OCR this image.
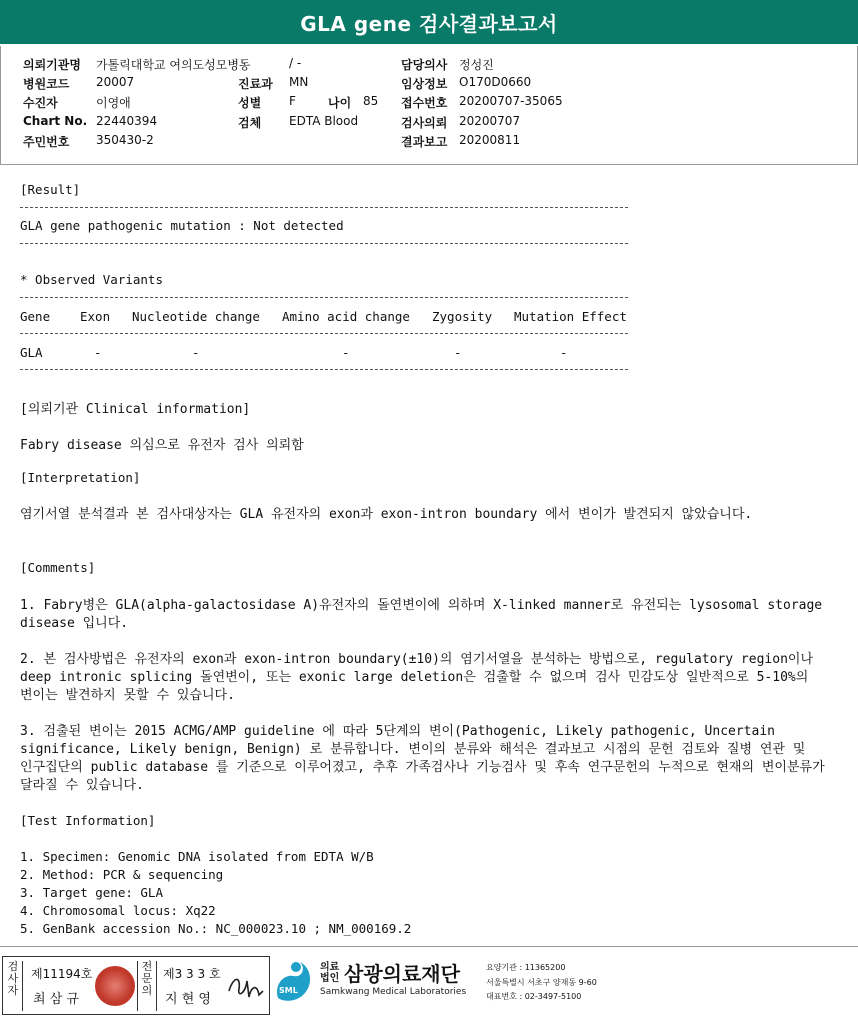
GLA gene 검사결과보고서
의뢰기관명 가톨릭대학교 여의도성모병동	/ -	담당의사 정성진
병원코드 20007	진료과 MN	임상정보 O170D0660
수진자	이영애	성별 F	나이 85 접수번호 20200707-35065
Chart No. 22440394	검체 EDTA Blood	검사의뢰 20200707
주민번호 350430-2	결과보고 20200811
[Result]
GLA gene pathogenic mutation : Not detected
* Observed Variants
Gene Exon Nucleotide change Amino acid change Zygosity Mutation Effect
GLA	-	-	-	-	-
[의뢰기관 Clinical information]
Fabry disease 의심으로 유전자 검사 의뢰함
[Interpretation]
염기서열 분석결과 본 검사대상자는 GLA 유전자의 exon과 exon-intron boundary 에서 변이가 발견되지 않았습니다.
[Comments]
1. Fabry병은 GLA(alpha-galactosidase A)유전자의 돌연변이에 의하며 X-linked manner로 유전되는 lysosomal storage disease 입니다.
2. 본 검사방법은 유전자의 exon과 exon-intron boundary(±10)의 염기서열을 분석하는 방법으로, regulatory region이나 deep intronic splicing 돌연변이, 또는 exonic large deletion은 검출할 수 없으며 검사 민감도상 일반적으로 5-10%의 변이는 발견하지 못할 수 있습니다.
3. 검출된 변이는 2015 ACMG/AMP guideline 에 따라 5단계의 변이(Pathogenic, Likely pathogenic, Uncertain significance, Likely benign, Benign) 로 분류합니다. 변이의 분류와 해석은 결과보고 시점의 문헌 검토와 질병 연관 및 인구집단의 public database 를 기준으로 이루어졌고, 추후 가족검사나 기능검사 및 후속 연구문헌의 누적으로 현재의 변이분류가 달라질 수 있습니다.
[Test Information]
1. Specimen: Genomic DNA isolated from EDTA W/B
2. Method: PCR & sequencing
3. Target gene: GLA
4. Chromosomal locus: Xq22
5. GenBank accession No.: NC_000023.10 ; NM_000169.2
검사자
제11194호
최 삼 규
전문의
제3 3 3 호
지 현 영
SML
의료
법인 삼광의료재단
Samkwang Medical Laboratories
요양기관 : 11365200
서울특별시 서초구 양재동 9-60
대표번호 : 02-3497-5100
